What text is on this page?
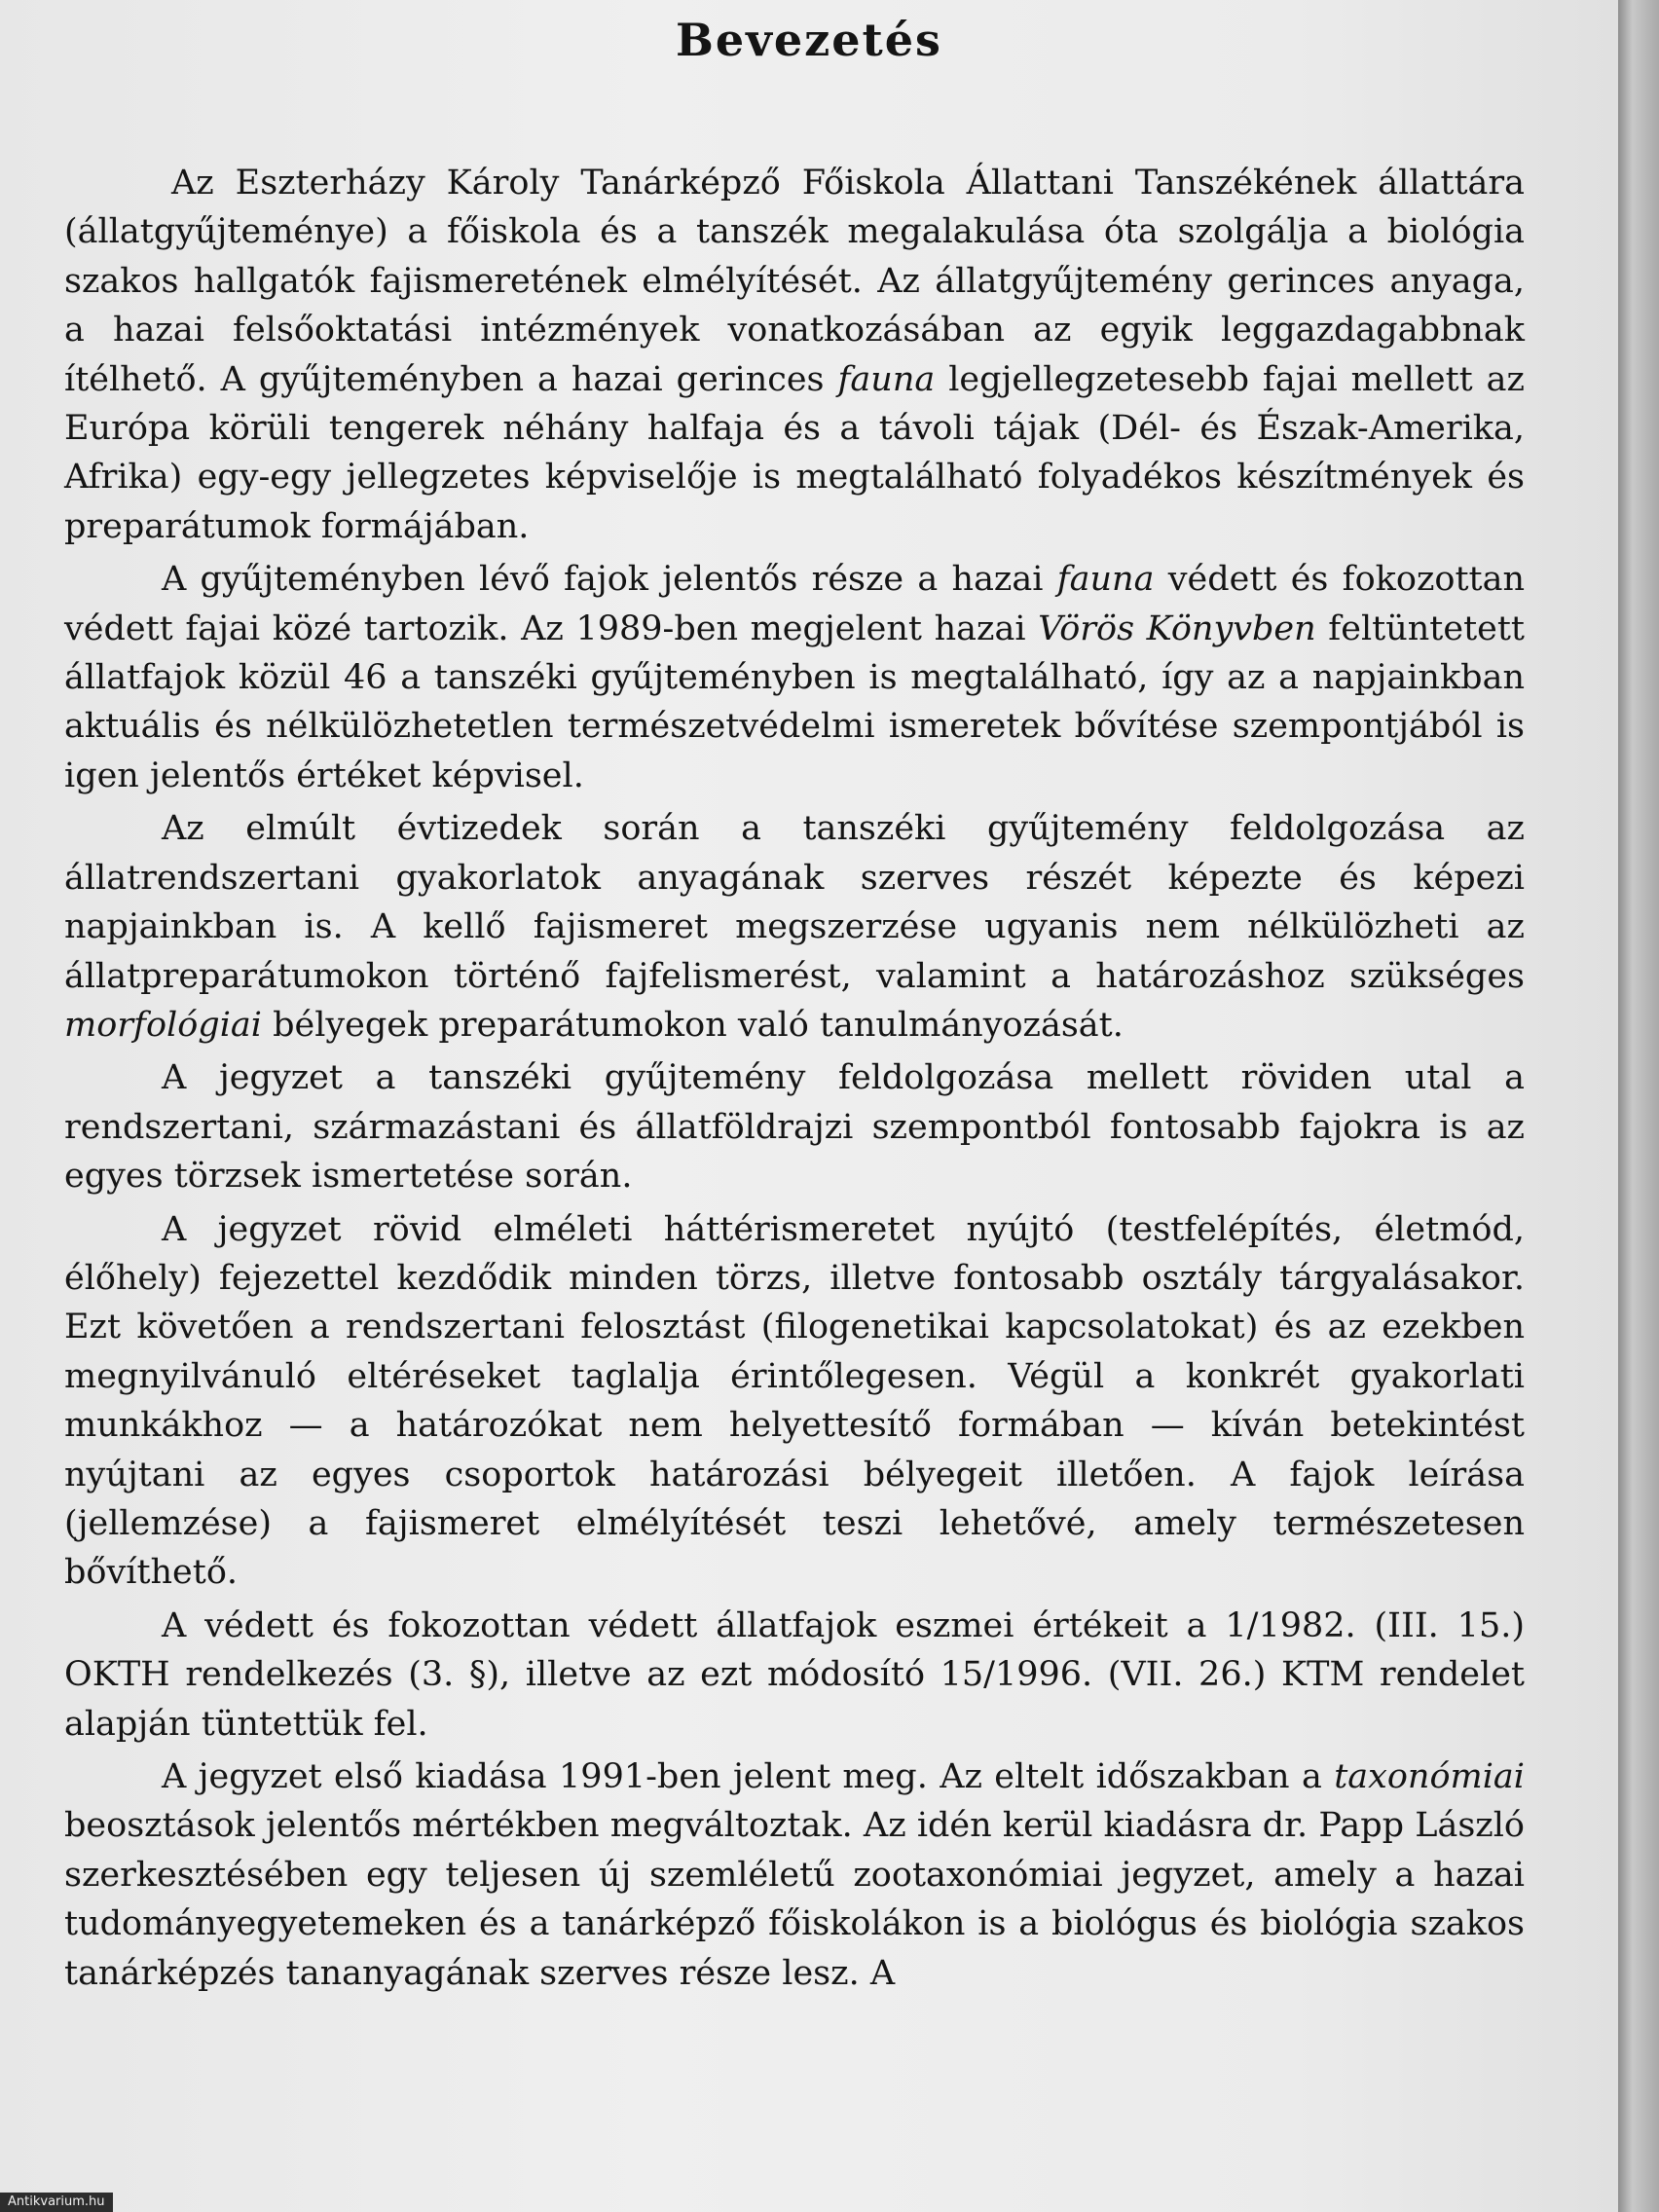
Bevezetés

Az Eszterházy Károly Tanárképző Főiskola Állattani Tanszékének állattára (állatgyűjteménye) a főiskola és a tanszék megalakulása óta szolgálja a biológia szakos hallgatók fajismeretének elmélyítését. Az állatgyűjtemény gerinces anyaga, a hazai felsőoktatási intézmények vonatkozásában az egyik leggazdagabbnak ítélhető. A gyűjteményben a hazai gerinces fauna legjellegzetesebb fajai mellett az Európa körüli tengerek néhány halfaja és a távoli tájak (Dél- és Észak-Amerika, Afrika) egy-egy jellegzetes képviselője is megtalálható folyadékos készítmények és preparátumok formájában.

A gyűjteményben lévő fajok jelentős része a hazai fauna védett és fokozottan védett fajai közé tartozik. Az 1989-ben megjelent hazai Vörös Könyvben feltüntetett állatfajok közül 46 a tanszéki gyűjteményben is megtalálható, így az a napjainkban aktuális és nélkülözhetetlen természetvédelmi ismeretek bővítése szempontjából is igen jelentős értéket képvisel.

Az elmúlt évtizedek során a tanszéki gyűjtemény feldolgozása az állatrendszertani gyakorlatok anyagának szerves részét képezte és képezi napjainkban is. A kellő fajismeret megszerzése ugyanis nem nélkülözheti az állatpreparátumokon történő fajfelismerést, valamint a határozáshoz szükséges morfológiai bélyegek preparátumokon való tanulmányozását.

A jegyzet a tanszéki gyűjtemény feldolgozása mellett röviden utal a rendszertani, származástani és állatföldrajzi szempontból fontosabb fajokra is az egyes törzsek ismertetése során.

A jegyzet rövid elméleti háttérismeretet nyújtó (testfelépítés, életmód, élőhely) fejezettel kezdődik minden törzs, illetve fontosabb osztály tárgyalásakor. Ezt követően a rendszertani felosztást (filogenetikai kapcsolatokat) és az ezekben megnyilvánuló eltéréseket taglalja érintőlegesen. Végül a konkrét gyakorlati munkákhoz — a határozókat nem helyettesítő formában — kíván betekintést nyújtani az egyes csoportok határozási bélyegeit illetően. A fajok leírása (jellemzése) a fajismeret elmélyítését teszi lehetővé, amely természetesen bővíthető.

A védett és fokozottan védett állatfajok eszmei értékeit a 1/1982. (III. 15.) OKTH rendelkezés (3. §), illetve az ezt módosító 15/1996. (VII. 26.) KTM rendelet alapján tüntettük fel.

A jegyzet első kiadása 1991-ben jelent meg. Az eltelt időszakban a taxonómiai beosztások jelentős mértékben megváltoztak. Az idén kerül kiadásra dr. Papp László szerkesztésében egy teljesen új szemléletű zootaxonómiai jegyzet, amely a hazai tudományegyetemeken és a tanárképző főiskolákon is a biológus és biológia szakos tanárképzés tananyagának szerves része lesz. A

Antikvarium.hu
